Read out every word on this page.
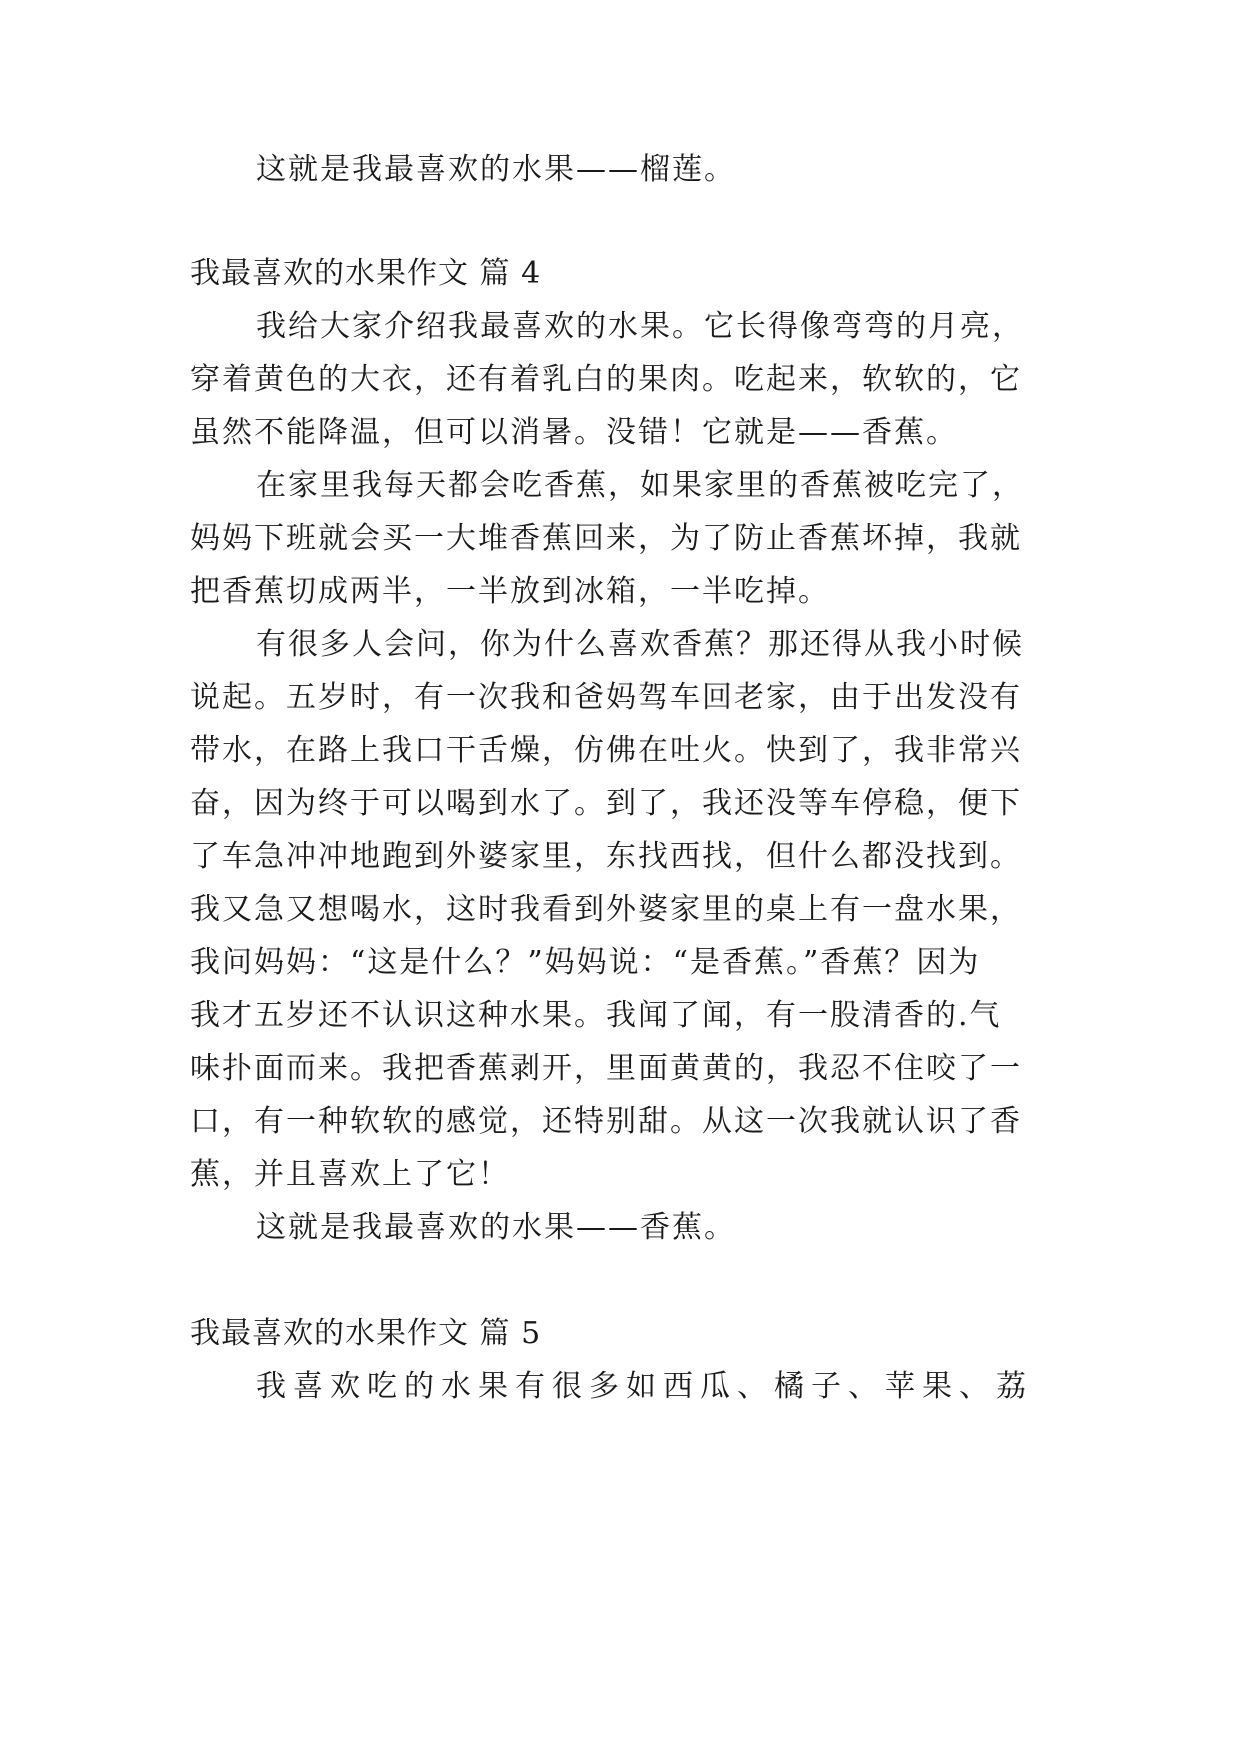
这就是我最喜欢的水果——榴莲。
我最喜欢的水果作文 篇 4
我给大家介绍我最喜欢的水果。它长得像弯弯的月亮，
穿着黄色的大衣，还有着乳白的果肉。吃起来，软软的，它
虽然不能降温，但可以消暑。没错！它就是——香蕉。
在家里我每天都会吃香蕉，如果家里的香蕉被吃完了，
妈妈下班就会买一大堆香蕉回来，为了防止香蕉坏掉，我就
把香蕉切成两半，一半放到冰箱，一半吃掉。
有很多人会问，你为什么喜欢香蕉？那还得从我小时候
说起。五岁时，有一次我和爸妈驾车回老家，由于出发没有
带水，在路上我口干舌燥，仿佛在吐火。快到了，我非常兴
奋，因为终于可以喝到水了。到了，我还没等车停稳，便下
了车急冲冲地跑到外婆家里，东找西找，但什么都没找到。
我又急又想喝水，这时我看到外婆家里的桌上有一盘水果，
我问妈妈：“这是什么？”妈妈说：“是香蕉。”香蕉？因为
我才五岁还不认识这种水果。我闻了闻，有一股清香的.气
味扑面而来。我把香蕉剥开，里面黄黄的，我忍不住咬了一
口，有一种软软的感觉，还特别甜。从这一次我就认识了香
蕉，并且喜欢上了它！
这就是我最喜欢的水果——香蕉。
我最喜欢的水果作文 篇 5
我喜欢吃的水果有很多如西瓜、橘子、苹果、荔
